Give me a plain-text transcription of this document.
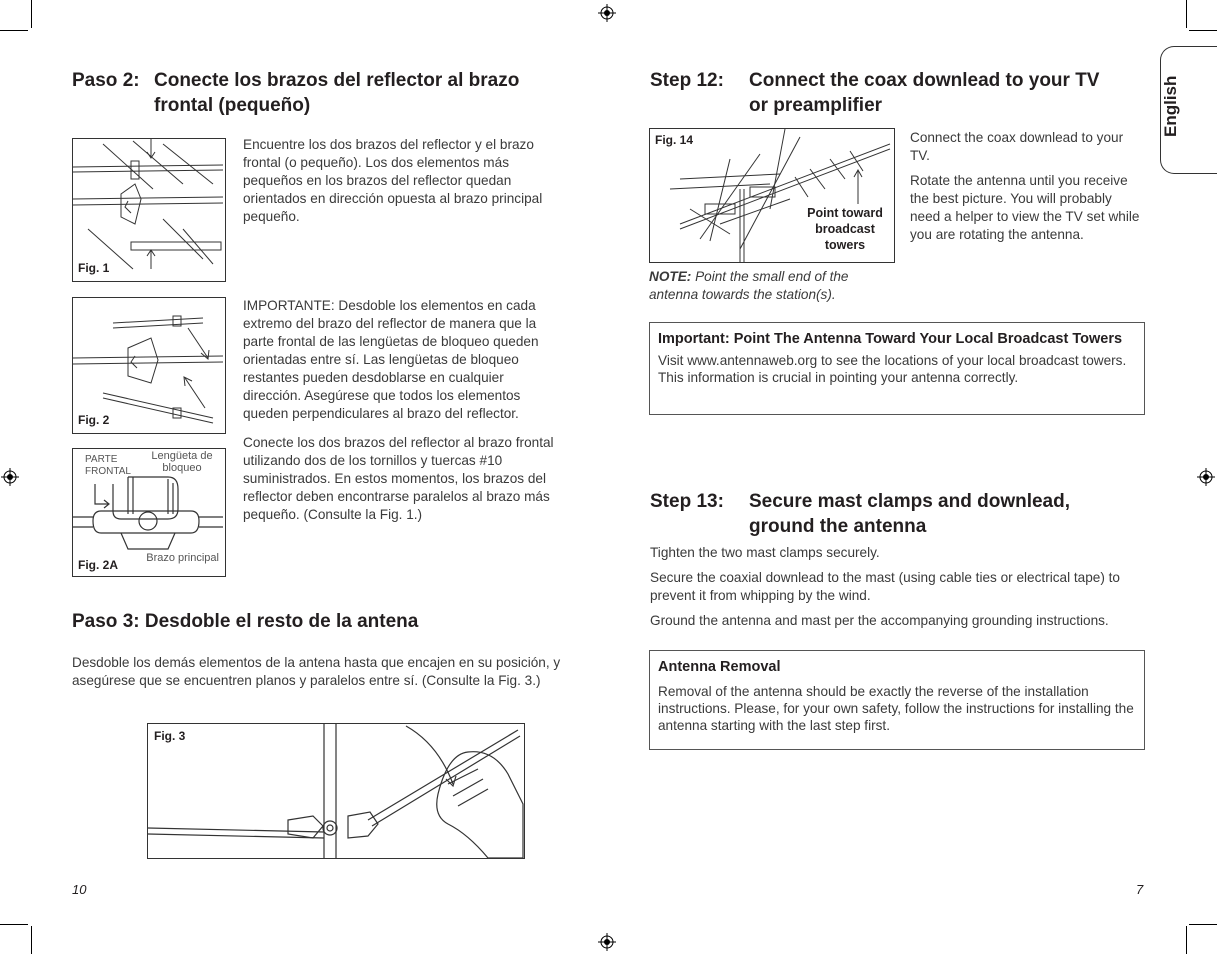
Paso 2: Conecte los brazos del reflector al brazo
frontal (pequeño)
Fig. 1

Encuentre los dos brazos del reflector y el brazo frontal (o pequeño). Los dos elementos más pequeños en los brazos del reflector quedan orientados en dirección opuesta al brazo principal pequeño.

Fig. 2

IMPORTANTE: Desdoble los elementos en cada extremo del brazo del reflector de manera que la parte frontal de las lengüetas de bloqueo queden orientadas entre sí. Las lengüetas de bloqueo restantes pueden desdoblarse en cualquier dirección. Asegúrese que todos los elementos queden perpendiculares al brazo del reflector.

Conecte los dos brazos del reflector al brazo frontal utilizando dos de los tornillos y tuercas #10 suministrados. En estos momentos, los brazos del reflector deben encontrarse paralelos al brazo más pequeño. (Consulte la Fig. 1.)

PARTE
FRONTAL
Lengüeta de
bloqueo
Brazo principal
Fig. 2A
Paso 3: Desdoble el resto de la antena

Desdoble los demás elementos de la antena hasta que encajen en su posición, y asegúrese que se encuentren planos y paralelos entre sí. (Consulte la Fig. 3.)

Fig. 3
10
English
Step 12: Connect the coax downlead to your TV
or preamplifier
Fig. 14
Point toward
broadcast
towers

Connect the coax downlead to your TV.

Rotate the antenna until you receive the best picture. You will probably need a helper to view the TV set while you are rotating the antenna.

NOTE: Point the small end of the antenna towards the station(s).
Important: Point The Antenna Toward Your Local Broadcast Towers
Visit www.antennaweb.org to see the locations of your local broadcast towers. This information is crucial in pointing your antenna correctly.
Step 13: Secure mast clamps and downlead,
ground the antenna

Tighten the two mast clamps securely.

Secure the coaxial downlead to the mast (using cable ties or electrical tape) to prevent it from whipping by the wind.

Ground the antenna and mast per the accompanying grounding instructions.

Antenna Removal
Removal of the antenna should be exactly the reverse of the installation instructions. Please, for your own safety, follow the instructions for installing the antenna starting with the last step first.
7
